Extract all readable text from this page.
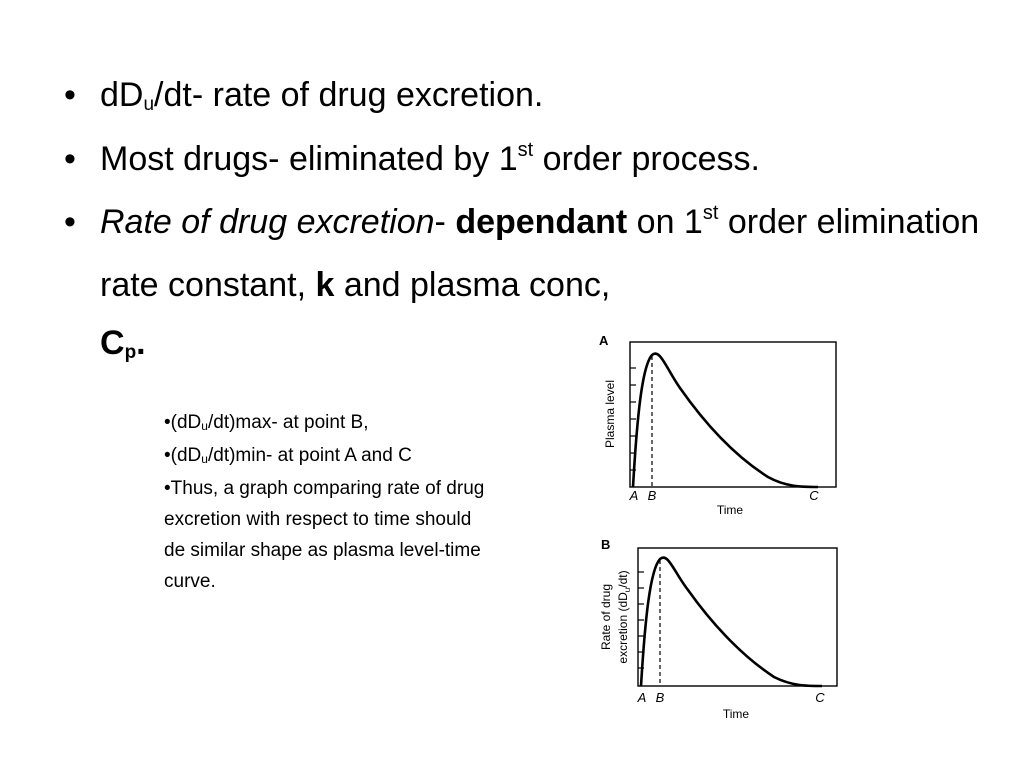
• dDu/dt- rate of drug excretion.
• Most drugs- eliminated by 1st order process.
• Rate of drug excretion- dependant on 1st order elimination rate constant, k and plasma conc,
Cp.
•(dDu/dt)max- at point B,
•(dDu/dt)min- at point A and C
•Thus, a graph comparing rate of drug
excretion with respect to time should
de similar shape as plasma level-time
curve.
A
Plasma level
A B	C
Time
B
Rate of drug excretion $(dD_u/dt)$
A B	C
Time
